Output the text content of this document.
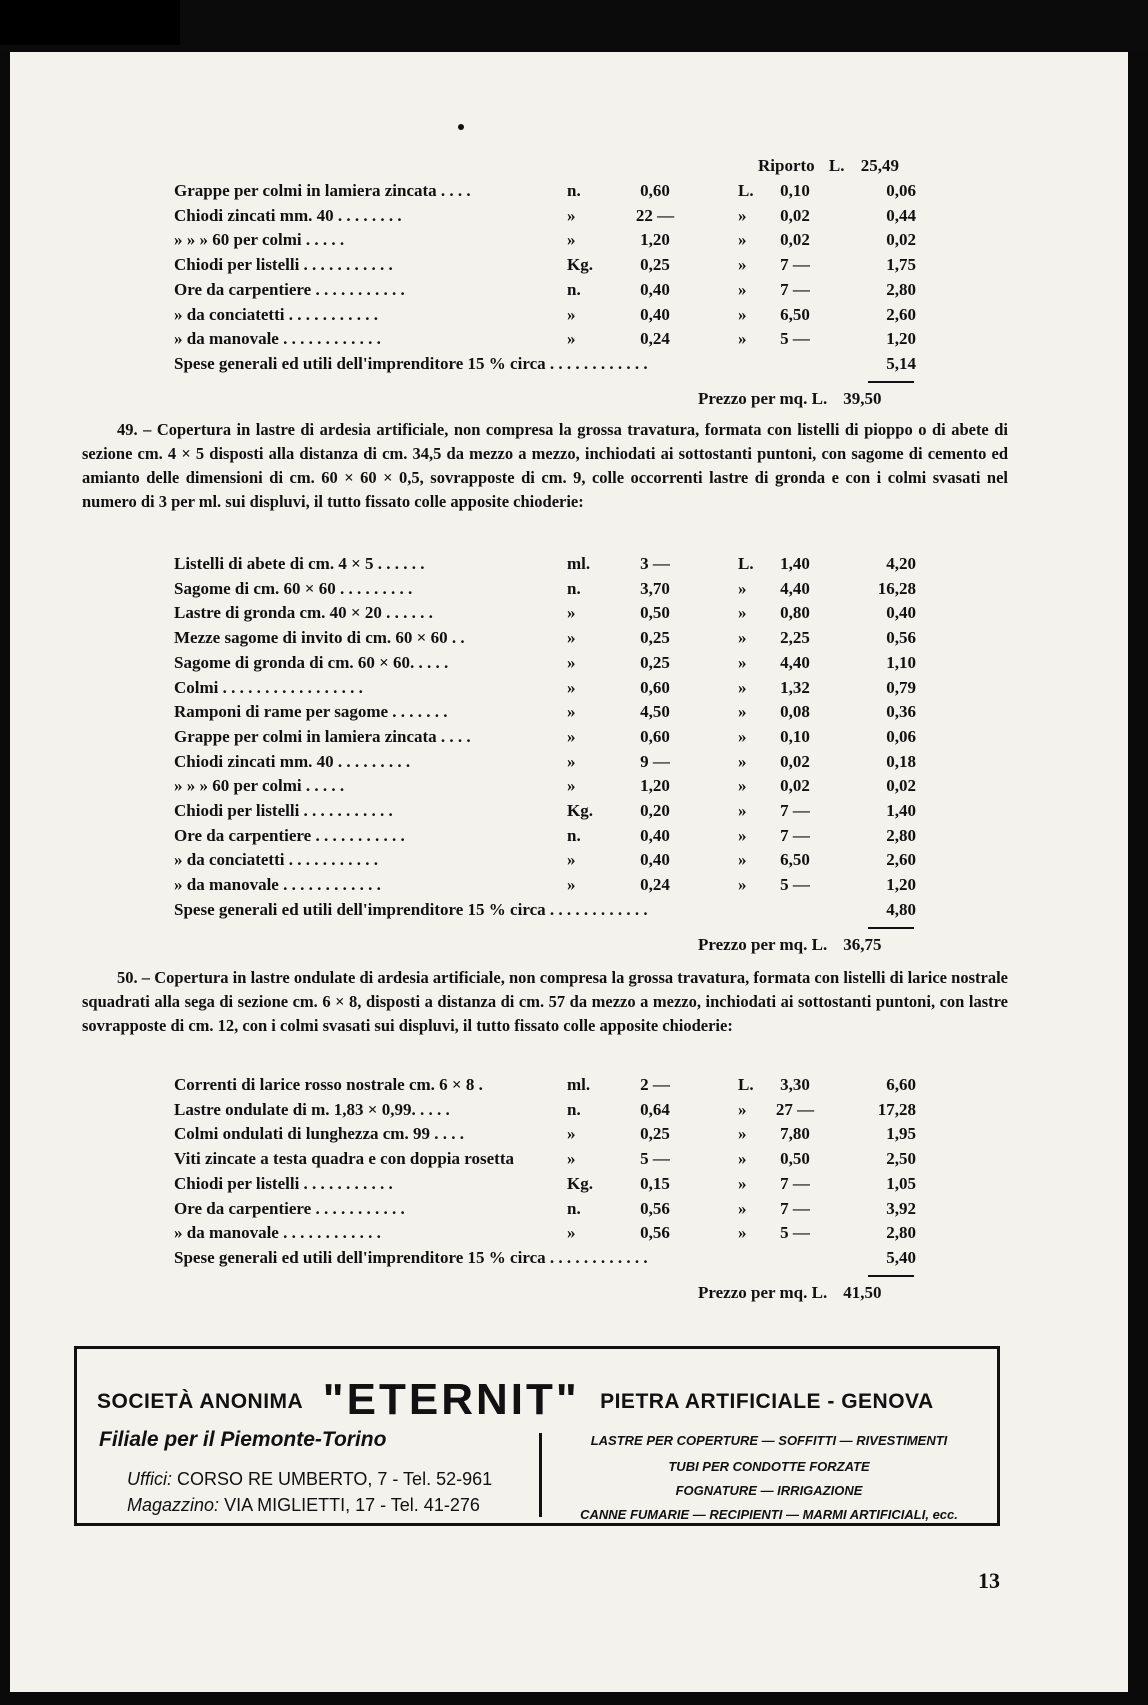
Riporto L. 25,49
Grappe per colmi in lamiera zincata . . . .	n.	0,60	L.	0,10	0,06
Chiodi zincati mm. 40 . . . . . . . .	»	22 —	»	0,02	0,44
» » » 60 per colmi . . . . .	»	1,20	»	0,02	0,02
Chiodi per listelli . . . . . . . . . . .	Kg.	0,25	»	7 —	1,75
Ore da carpentiere . . . . . . . . . . .	n.	0,40	»	7 —	2,80
» da conciatetti . . . . . . . . . . .	»	0,40	»	6,50	2,60
» da manovale . . . . . . . . . . . .	»	0,24	»	5 —	1,20
Spese generali ed utili dell'imprenditore 15 % circa . . . . . . . . . . . .	5,14
Prezzo per mq. L. 39,50
Listelli di abete di cm. 4 × 5 . . . . . .	ml.	3 —	L.	1,40	4,20
Sagome di cm. 60 × 60 . . . . . . . . .	n.	3,70	»	4,40	16,28
Lastre di gronda cm. 40 × 20 . . . . . .	»	0,50	»	0,80	0,40
Mezze sagome di invito di cm. 60 × 60 . .	»	0,25	»	2,25	0,56
Sagome di gronda di cm. 60 × 60. . . . .	»	0,25	»	4,40	1,10
Colmi . . . . . . . . . . . . . . . . .	»	0,60	»	1,32	0,79
Ramponi di rame per sagome . . . . . . .	»	4,50	»	0,08	0,36
Grappe per colmi in lamiera zincata . . . .	»	0,60	»	0,10	0,06
Chiodi zincati mm. 40 . . . . . . . . .	»	9 —	»	0,02	0,18
» » » 60 per colmi . . . . .	»	1,20	»	0,02	0,02
Chiodi per listelli . . . . . . . . . . .	Kg.	0,20	»	7 —	1,40
Ore da carpentiere . . . . . . . . . . .	n.	0,40	»	7 —	2,80
» da conciatetti . . . . . . . . . . .	»	0,40	»	6,50	2,60
» da manovale . . . . . . . . . . . .	»	0,24	»	5 —	1,20
Spese generali ed utili dell'imprenditore 15 % circa . . . . . . . . . . . .	4,80
Prezzo per mq. L. 36,75
Correnti di larice rosso nostrale cm. 6 × 8 .	ml.	2 —	L.	3,30	6,60
Lastre ondulate di m. 1,83 × 0,99. . . . .	n.	0,64	»	27 —	17,28
Colmi ondulati di lunghezza cm. 99 . . . .	»	0,25	»	7,80	1,95
Viti zincate a testa quadra e con doppia rosetta	»	5 —	»	0,50	2,50
Chiodi per listelli . . . . . . . . . . .	Kg.	0,15	»	7 —	1,05
Ore da carpentiere . . . . . . . . . . .	n.	0,56	»	7 —	3,92
» da manovale . . . . . . . . . . . .	»	0,56	»	5 —	2,80
Spese generali ed utili dell'imprenditore 15 % circa . . . . . . . . . . . .	5,40
Prezzo per mq. L. 41,50
49. – Copertura in lastre di ardesia artificiale, non compresa la grossa travatura, formata con listelli di pioppo o di abete di sezione cm. 4 × 5 disposti alla distanza di cm. 34,5 da mezzo a mezzo, inchiodati ai sottostanti puntoni, con sagome di cemento ed amianto delle dimensioni di cm. 60 × 60 × 0,5, sovrapposte di cm. 9, colle occorrenti lastre di gronda e con i colmi svasati nel numero di 3 per ml. sui displuvi, il tutto fissato colle apposite chioderie:
50. – Copertura in lastre ondulate di ardesia artificiale, non compresa la grossa travatura, formata con listelli di larice nostrale squadrati alla sega di sezione cm. 6 × 8, disposti a distanza di cm. 57 da mezzo a mezzo, inchiodati ai sottostanti puntoni, con lastre sovrapposte di cm. 12, con i colmi svasati sui displuvi, il tutto fissato colle apposite chioderie:
SOCIETÀ ANONIMA "ETERNIT" PIETRA ARTIFICIALE - GENOVA
Filiale per il Piemonte-Torino
Uffici: CORSO RE UMBERTO, 7 - Tel. 52-961
Magazzino: VIA MIGLIETTI, 17 - Tel. 41-276
LASTRE PER COPERTURE — SOFFITTI — RIVESTIMENTI
TUBI PER CONDOTTE FORZATE
FOGNATURE — IRRIGAZIONE
CANNE FUMARIE — RECIPIENTI — MARMI ARTIFICIALI, ecc.
13
